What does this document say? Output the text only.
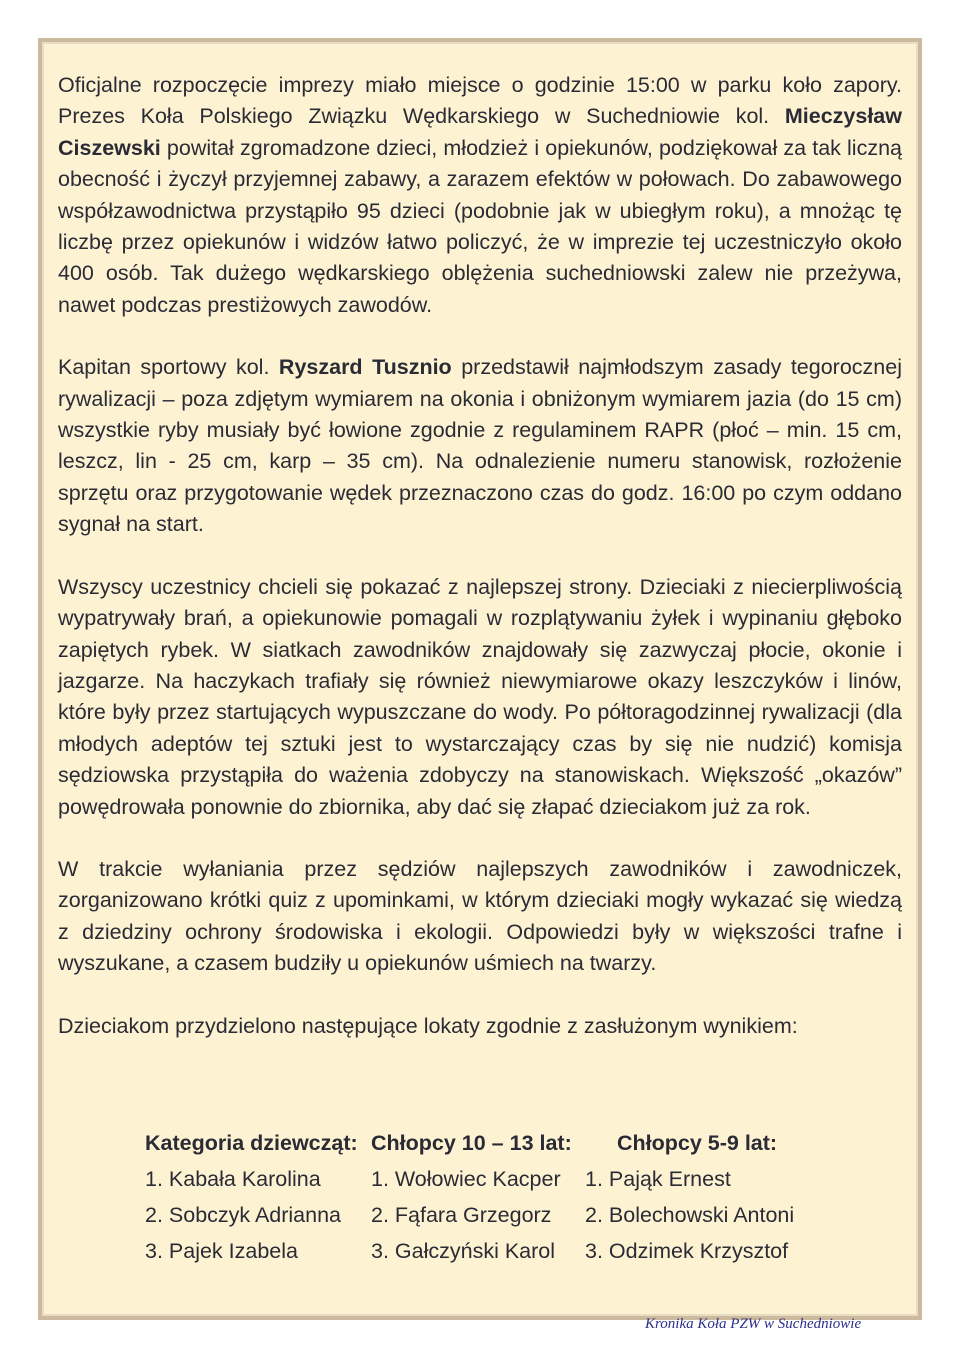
Oficjalne rozpoczęcie imprezy miało miejsce o godzinie 15:00 w parku koło zapory. Prezes Koła Polskiego Związku Wędkarskiego w Suchedniowie kol. Mieczysław Ciszewski powitał zgromadzone dzieci, młodzież i opiekunów, podziękował za tak liczną obecność i życzył przyjemnej zabawy, a zarazem efektów w połowach. Do zabawowego współzawodnictwa przystąpiło 95 dzieci (podobnie jak w ubiegłym roku), a mnożąc tę liczbę przez opiekunów i widzów łatwo policzyć, że w imprezie tej uczestniczyło około 400 osób. Tak dużego wędkarskiego oblężenia suchedniowski zalew nie przeżywa, nawet podczas prestiżowych zawodów.

Kapitan sportowy kol. Ryszard Tusznio przedstawił najmłodszym zasady tegorocznej rywalizacji – poza zdjętym wymiarem na okonia i obniżonym wymiarem jazia (do 15 cm) wszystkie ryby musiały być łowione zgodnie z regulaminem RAPR (płoć – min. 15 cm, leszcz, lin - 25 cm, karp – 35 cm). Na odnalezienie numeru stanowisk, rozłożenie sprzętu oraz przygotowanie wędek przeznaczono czas do godz. 16:00 po czym oddano sygnał na start.

Wszyscy uczestnicy chcieli się pokazać z najlepszej strony. Dzieciaki z niecierpliwością wypatrywały brań, a opiekunowie pomagali w rozplątywaniu żyłek i wypinaniu głęboko zapiętych rybek. W siatkach zawodników znajdowały się zazwyczaj płocie, okonie i jazgarze. Na haczykach trafiały się również niewymiarowe okazy leszczyków i linów, które były przez startujących wypuszczane do wody. Po półtoragodzinnej rywalizacji (dla młodych adeptów tej sztuki jest to wystarczający czas by się nie nudzić) komisja sędziowska przystąpiła do ważenia zdobyczy na stanowiskach. Większość „okazów” powędrowała ponownie do zbiornika, aby dać się złapać dzieciakom już za rok.

W trakcie wyłaniania przez sędziów najlepszych zawodników i zawodniczek, zorganizowano krótki quiz z upominkami, w którym dzieciaki mogły wykazać się wiedzą z dziedziny ochrony środowiska i ekologii. Odpowiedzi były w większości trafne i wyszukane, a czasem budziły u opiekunów uśmiech na twarzy.

Dzieciakom przydzielono następujące lokaty zgodnie z zasłużonym wynikiem:

Kategoria dziewcząt:
1. Kabała Karolina
2. Sobczyk Adrianna
3. Pajek Izabela
Chłopcy 10 – 13 lat:
1. Wołowiec Kacper
2. Fąfara Grzegorz
3. Gałczyński Karol
Chłopcy 5-9 lat:
1. Pająk Ernest
2. Bolechowski Antoni
3. Odzimek Krzysztof
Kronika Koła PZW w Suchedniowie
